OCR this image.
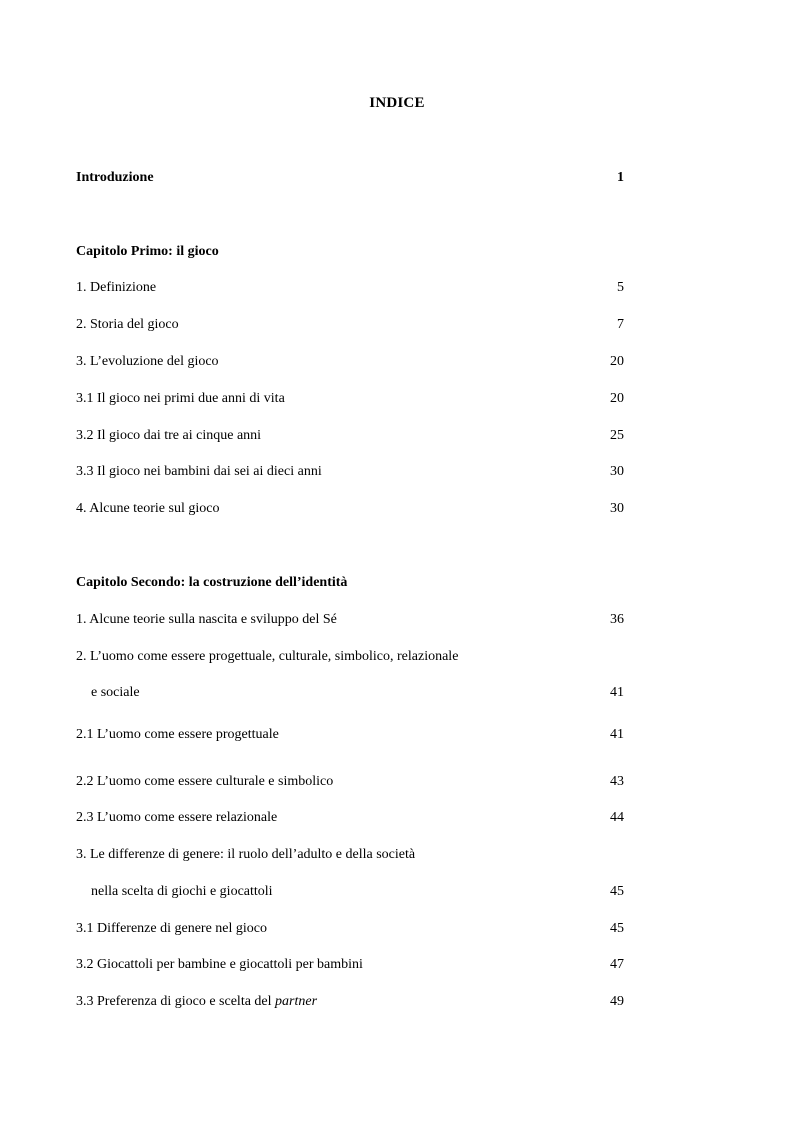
INDICE
Introduzione	1
Capitolo Primo: il gioco
1. Definizione	5
2. Storia del gioco	7
3. L’evoluzione del gioco	20
3.1 Il gioco nei primi due anni di vita	20
3.2 Il gioco dai tre ai cinque anni	25
3.3 Il gioco nei bambini dai sei ai dieci anni	30
4. Alcune teorie sul gioco	30
Capitolo Secondo: la costruzione dell’identità
1. Alcune teorie sulla nascita e sviluppo del Sé	36
2. L’uomo come essere progettuale, culturale, simbolico, relazionale
e sociale	41
2.1 L’uomo come essere progettuale	41
2.2 L’uomo come essere culturale e simbolico	43
2.3 L’uomo come essere relazionale	44
3. Le differenze di genere: il ruolo dell’adulto e della società
nella scelta di giochi e giocattoli	45
3.1 Differenze di genere nel gioco	45
3.2 Giocattoli per bambine e giocattoli per bambini	47
3.3 Preferenza di gioco e scelta del partner	49
